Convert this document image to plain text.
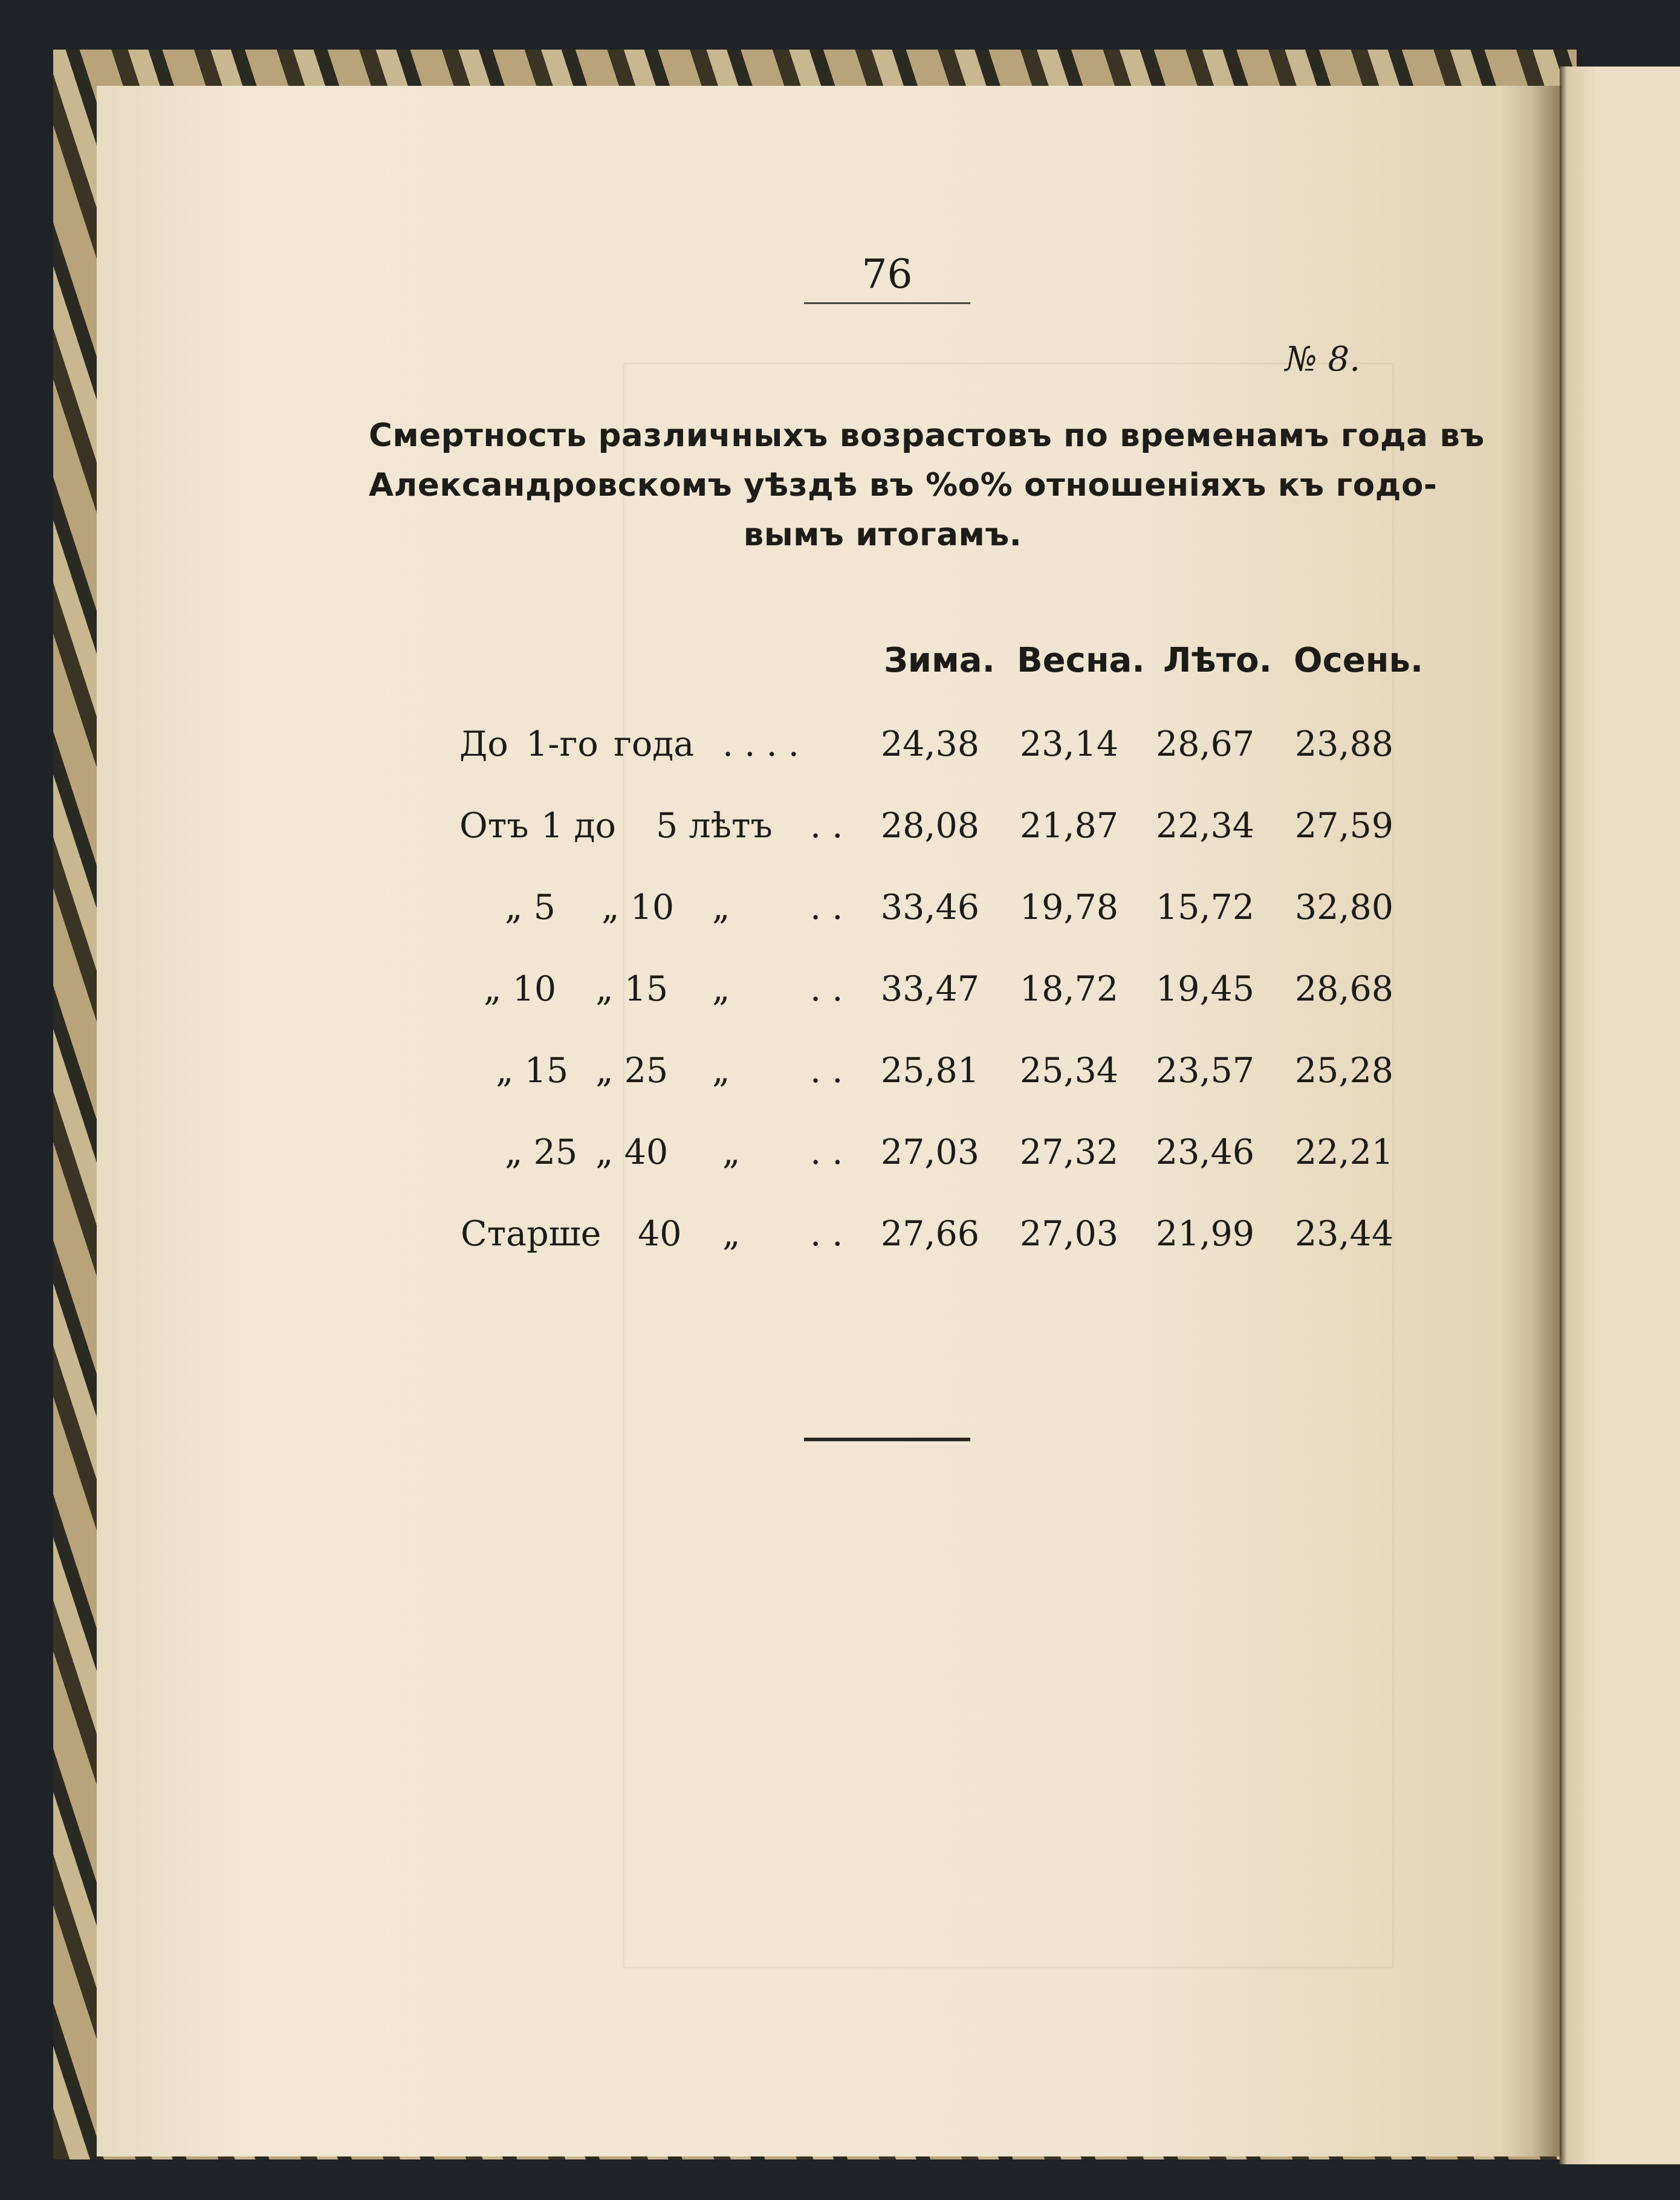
76
№ 8.
Смертность различныхъ возрастовъ по временамъ года въ
Александровскомъ уѣздѣ въ %о% отношеніяхъ къ годо-
вымъ итогамъ.
Зима. Весна. Лѣто. Осень.
До 1-го года . . . .	24,38	23,14	28,67	23,88
Отъ 1 до 5 лѣтъ . .	28,08	21,87	22,34	27,59
„ 5 „ 10 „ . .	33,46	19,78	15,72	32,80
„ 10 „ 15 „ . .	33,47	18,72	19,45	28,68
„ 15 „ 25 „ . .	25,81	25,34	23,57	25,28
„ 25 „ 40 „ . .	27,03	27,32	23,46	22,21
Старше 40 „ . .	27,66	27,03	21,99	23,44
